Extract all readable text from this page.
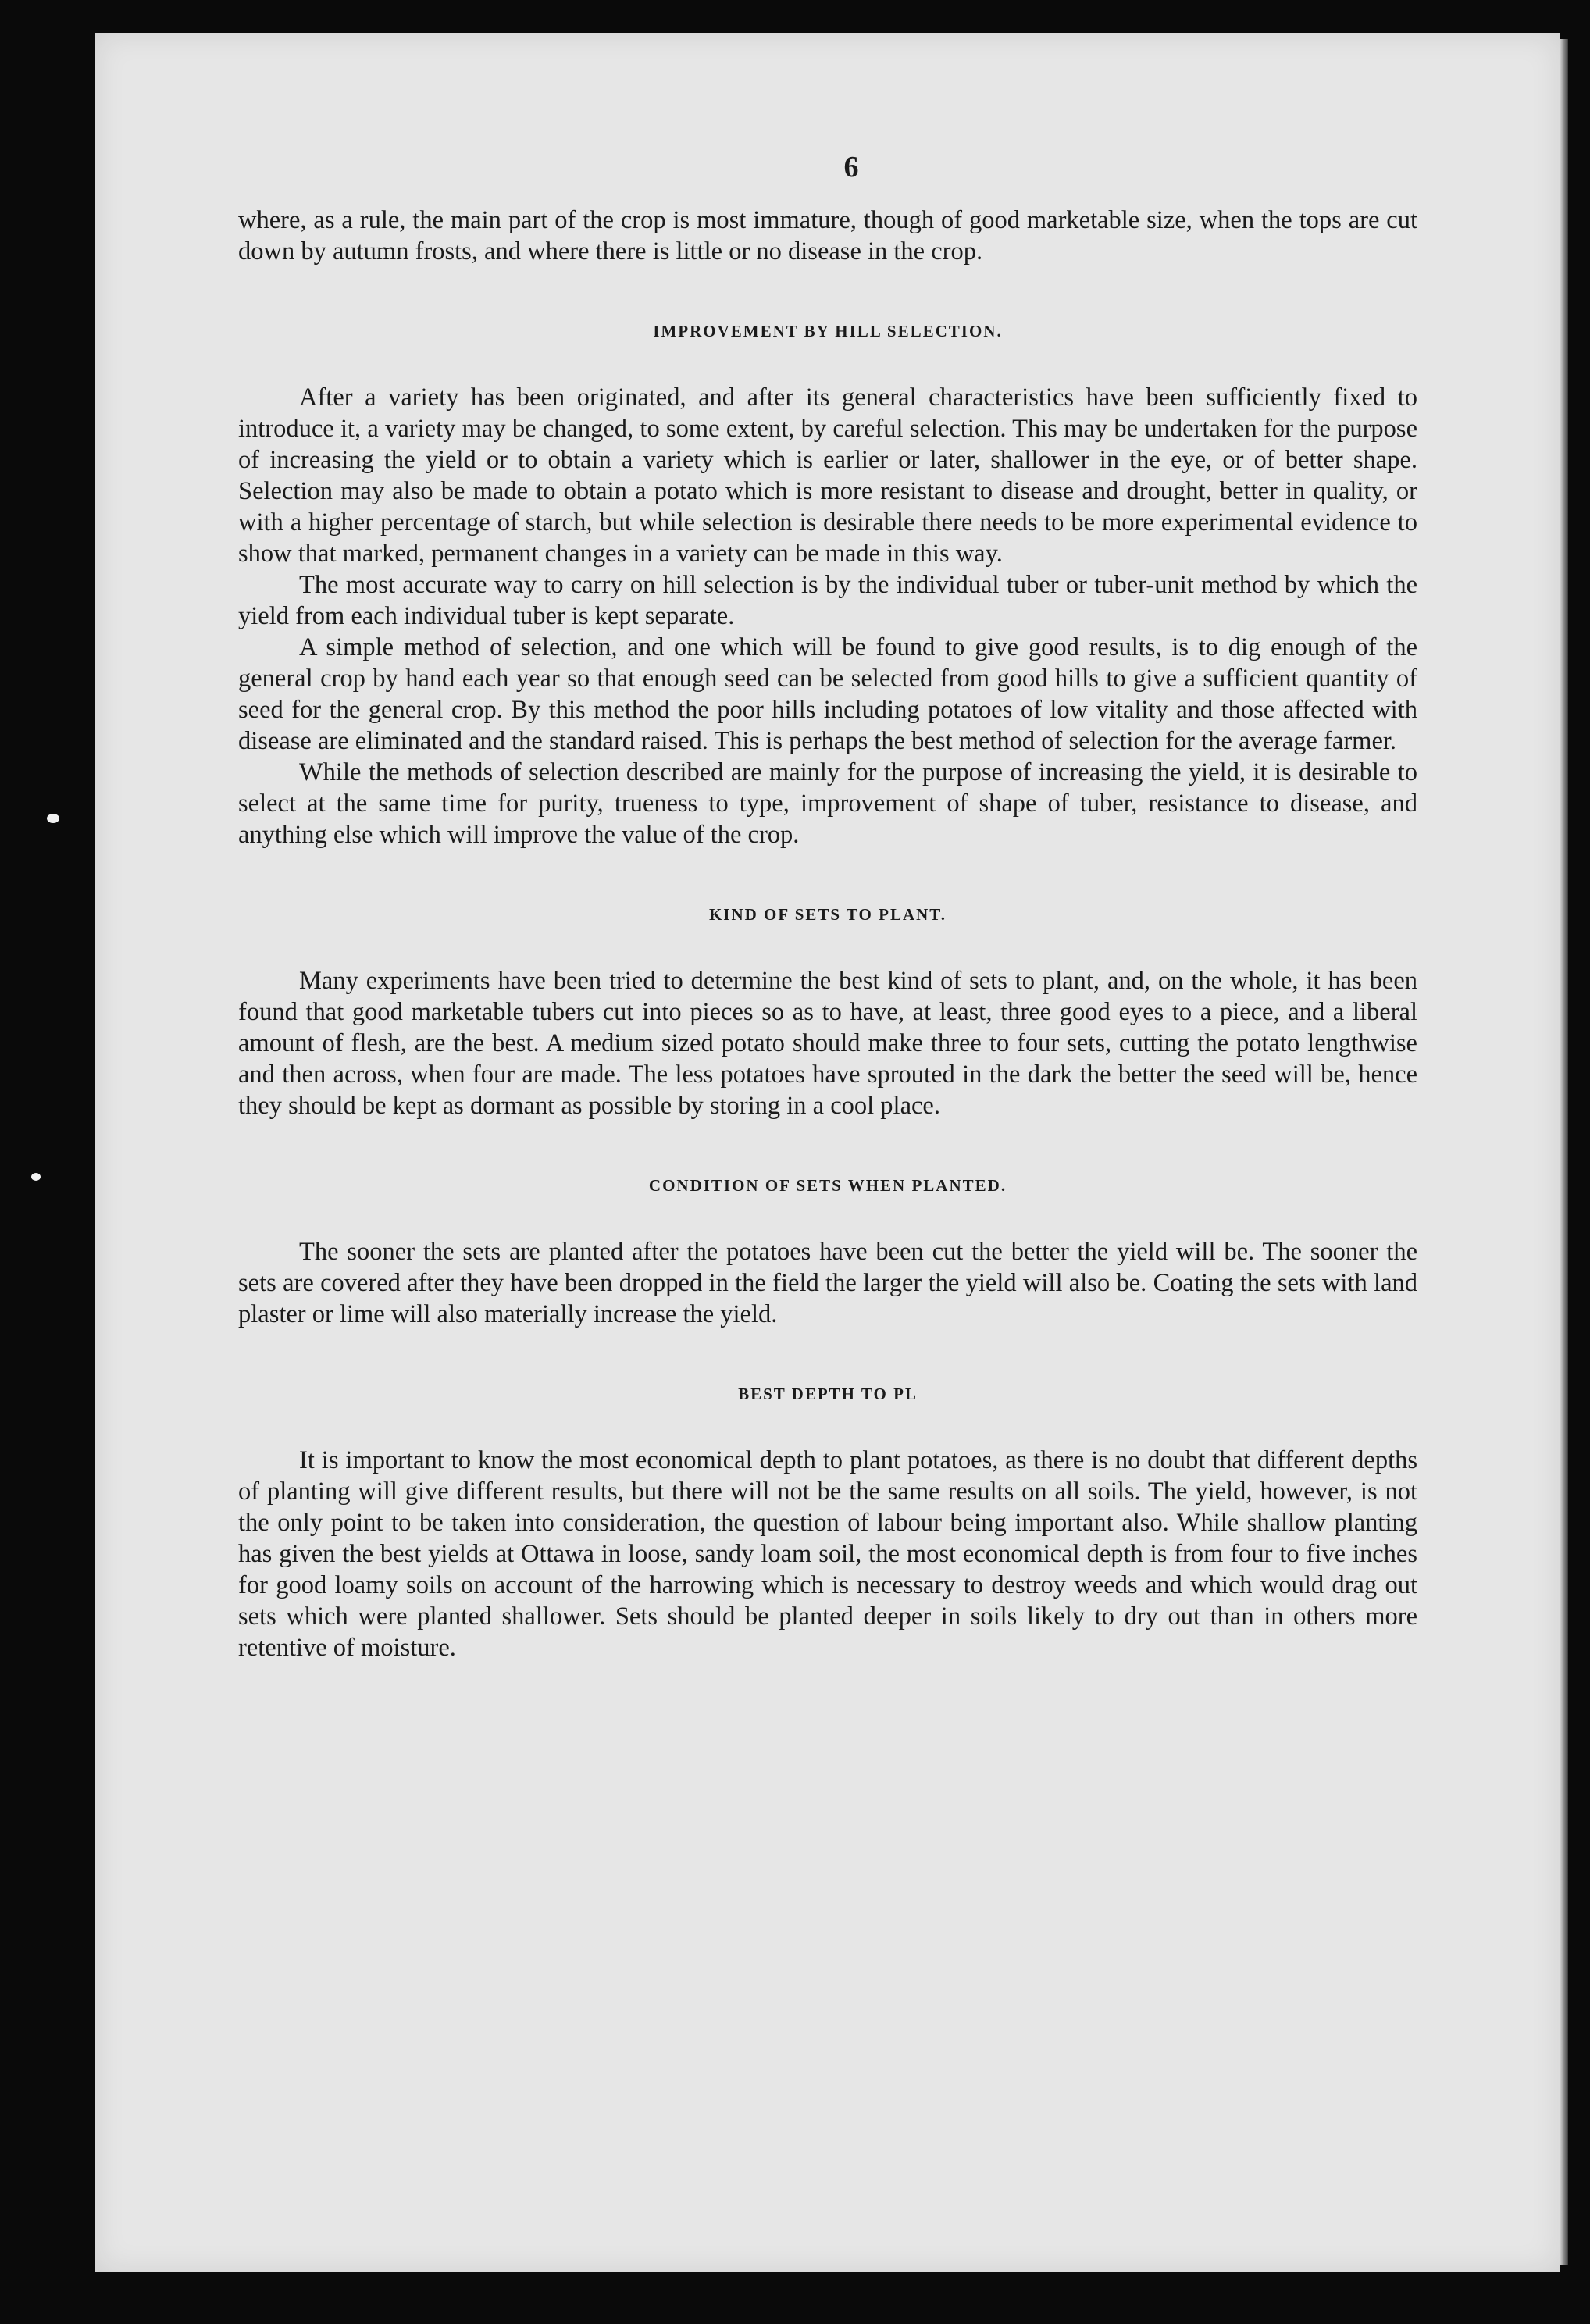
6

where, as a rule, the main part of the crop is most immature, though of good marketable size, when the tops are cut down by autumn frosts, and where there is little or no disease in the crop.

IMPROVEMENT BY HILL SELECTION.

After a variety has been originated, and after its general characteristics have been sufficiently fixed to introduce it, a variety may be changed, to some extent, by careful selection. This may be undertaken for the purpose of increasing the yield or to obtain a variety which is earlier or later, shallower in the eye, or of better shape. Selection may also be made to obtain a potato which is more resistant to disease and drought, better in quality, or with a higher percentage of starch, but while selection is desirable there needs to be more experimental evidence to show that marked, permanent changes in a variety can be made in this way.

The most accurate way to carry on hill selection is by the individual tuber or tuber-unit method by which the yield from each individual tuber is kept separate.

A simple method of selection, and one which will be found to give good results, is to dig enough of the general crop by hand each year so that enough seed can be selected from good hills to give a sufficient quantity of seed for the general crop. By this method the poor hills including potatoes of low vitality and those affected with disease are eliminated and the standard raised. This is perhaps the best method of selection for the average farmer.

While the methods of selection described are mainly for the purpose of increasing the yield, it is desirable to select at the same time for purity, trueness to type, improvement of shape of tuber, resistance to disease, and anything else which will improve the value of the crop.

KIND OF SETS TO PLANT.

Many experiments have been tried to determine the best kind of sets to plant, and, on the whole, it has been found that good marketable tubers cut into pieces so as to have, at least, three good eyes to a piece, and a liberal amount of flesh, are the best. A medium sized potato should make three to four sets, cutting the potato lengthwise and then across, when four are made. The less potatoes have sprouted in the dark the better the seed will be, hence they should be kept as dormant as possible by storing in a cool place.

CONDITION OF SETS WHEN PLANTED.

The sooner the sets are planted after the potatoes have been cut the better the yield will be. The sooner the sets are covered after they have been dropped in the field the larger the yield will also be. Coating the sets with land plaster or lime will also materially increase the yield.

BEST DEPTH TO PL

It is important to know the most economical depth to plant potatoes, as there is no doubt that different depths of planting will give different results, but there will not be the same results on all soils. The yield, however, is not the only point to be taken into consideration, the question of labour being important also. While shallow planting has given the best yields at Ottawa in loose, sandy loam soil, the most economical depth is from four to five inches for good loamy soils on account of the harrowing which is necessary to destroy weeds and which would drag out sets which were planted shallower. Sets should be planted deeper in soils likely to dry out than in others more retentive of moisture.
